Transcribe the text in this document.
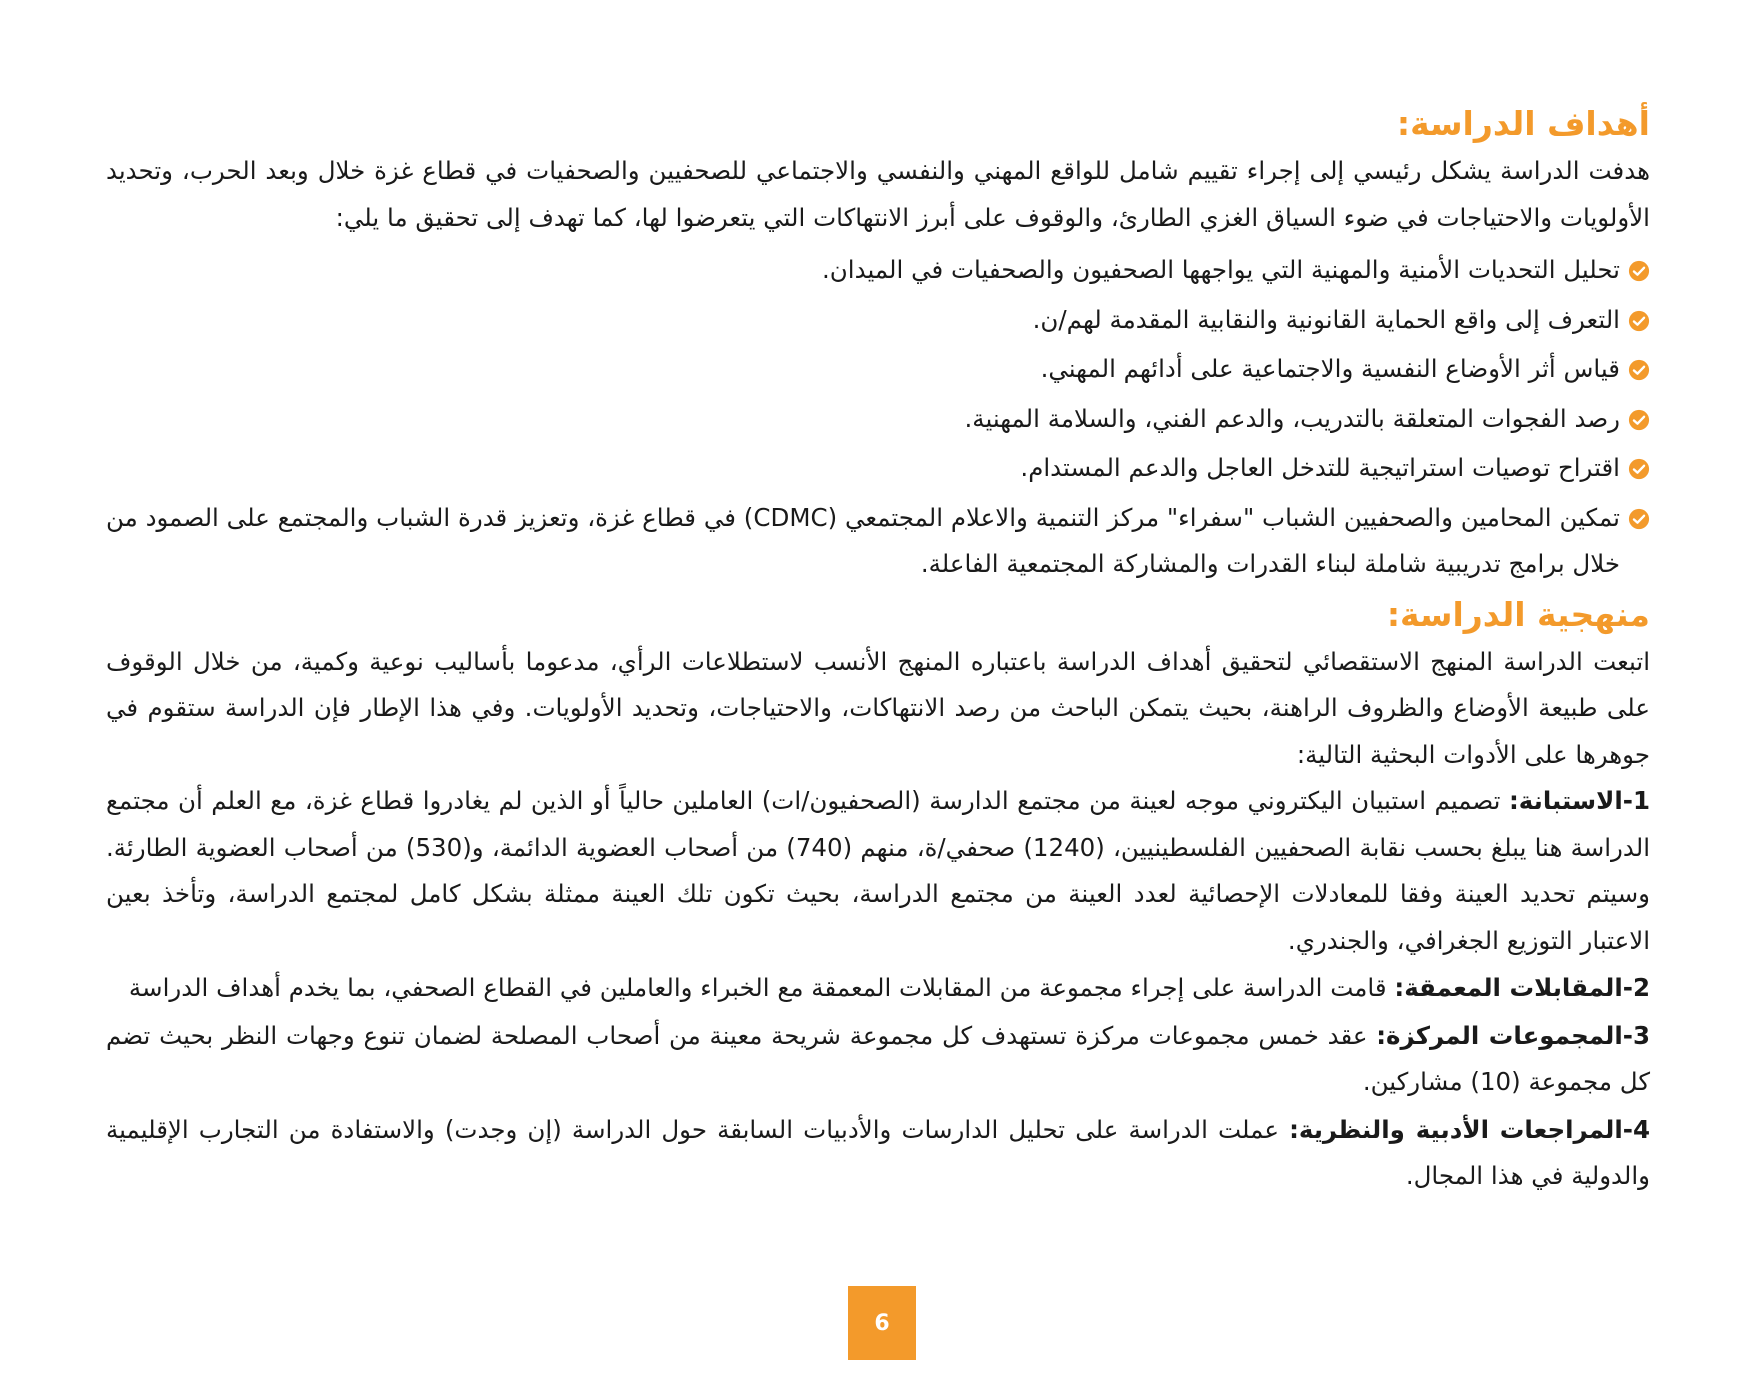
أهداف الدراسة:

هدفت الدراسة يشكل رئيسي إلى إجراء تقييم شامل للواقع المهني والنفسي والاجتماعي للصحفيين والصحفيات في قطاع غزة خلال وبعد الحرب، وتحديد الأولويات والاحتياجات في ضوء السياق الغزي الطارئ، والوقوف على أبرز الانتهاكات التي يتعرضوا لها، كما تهدف إلى تحقيق ما يلي:

تحليل التحديات الأمنية والمهنية التي يواجهها الصحفيون والصحفيات في الميدان.
التعرف إلى واقع الحماية القانونية والنقابية المقدمة لهم/ن.
قياس أثر الأوضاع النفسية والاجتماعية على أدائهم المهني.
رصد الفجوات المتعلقة بالتدريب، والدعم الفني، والسلامة المهنية.
اقتراح توصيات استراتيجية للتدخل العاجل والدعم المستدام.
تمكين المحامين والصحفيين الشباب "سفراء" مركز التنمية والاعلام المجتمعي (CDMC) في قطاع غزة، وتعزيز قدرة الشباب والمجتمع على الصمود من خلال برامج تدريبية شاملة لبناء القدرات والمشاركة المجتمعية الفاعلة.
منهجية الدراسة:

اتبعت الدراسة المنهج الاستقصائي لتحقيق أهداف الدراسة باعتباره المنهج الأنسب لاستطلاعات الرأي، مدعوما بأساليب نوعية وكمية، من خلال الوقوف على طبيعة الأوضاع والظروف الراهنة، بحيث يتمكن الباحث من رصد الانتهاكات، والاحتياجات، وتحديد الأولويات. وفي هذا الإطار فإن الدراسة ستقوم في جوهرها على الأدوات البحثية التالية:

1-الاستبانة: تصميم استبيان اليكتروني موجه لعينة من مجتمع الدارسة (الصحفيون/ات) العاملين حالياً أو الذين لم يغادروا قطاع غزة، مع العلم أن مجتمع الدراسة هنا يبلغ بحسب نقابة الصحفيين الفلسطينيين، (1240) صحفي/ة، منهم (740) من أصحاب العضوية الدائمة، و(530) من أصحاب العضوية الطارئة. وسيتم تحديد العينة وفقا للمعادلات الإحصائية لعدد العينة من مجتمع الدراسة، بحيث تكون تلك العينة ممثلة بشكل كامل لمجتمع الدراسة، وتأخذ بعين الاعتبار التوزيع الجغرافي، والجندري.

2-المقابلات المعمقة: قامت الدراسة على إجراء مجموعة من المقابلات المعمقة مع الخبراء والعاملين في القطاع الصحفي، بما يخدم أهداف الدراسة

3-المجموعات المركزة: عقد خمس مجموعات مركزة تستهدف كل مجموعة شريحة معينة من أصحاب المصلحة لضمان تنوع وجهات النظر بحيث تضم كل مجموعة (10) مشاركين.

4-المراجعات الأدبية والنظرية: عملت الدراسة على تحليل الدارسات والأدبيات السابقة حول الدراسة (إن وجدت) والاستفادة من التجارب الإقليمية والدولية في هذا المجال.

6
